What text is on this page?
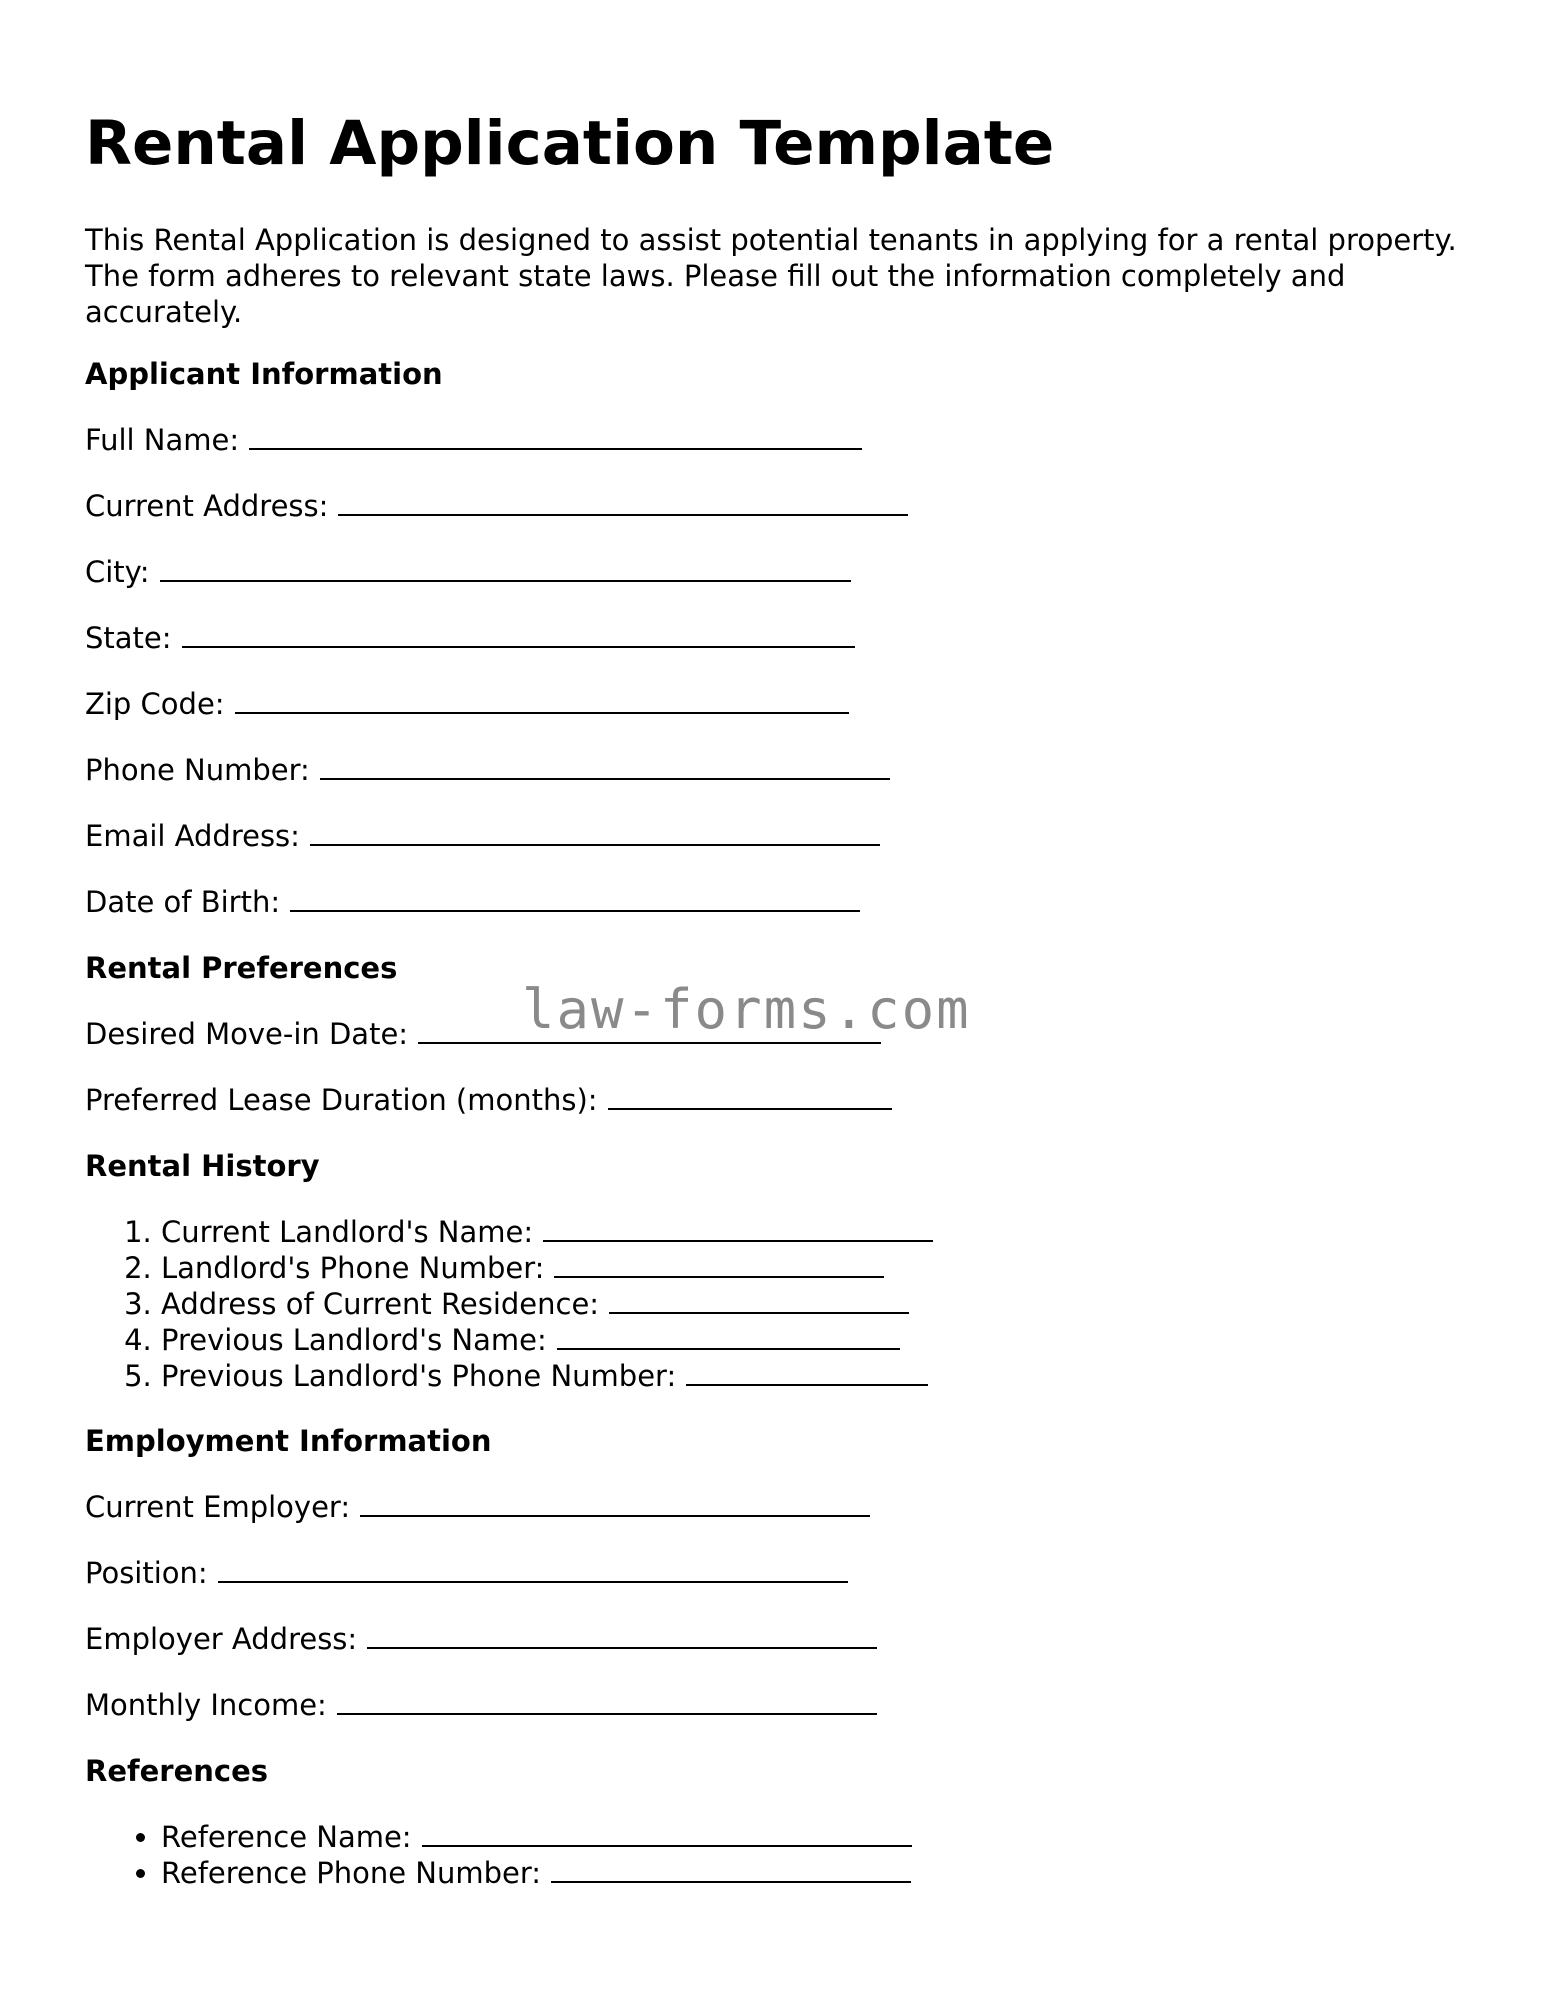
Rental Application Template

This Rental Application is designed to assist potential tenants in applying for a rental property. The form adheres to relevant state laws. Please fill out the information completely and accurately.

Applicant Information
Full Name:
Current Address:
City:
State:
Zip Code:
Phone Number:
Email Address:
Date of Birth:
Rental Preferences
Desired Move-in Date:
Preferred Lease Duration (months):
Rental History
1. Current Landlord's Name:
2. Landlord's Phone Number:
3. Address of Current Residence:
4. Previous Landlord's Name:
5. Previous Landlord's Phone Number:
Employment Information
Current Employer:
Position:
Employer Address:
Monthly Income:
References
• Reference Name:
• Reference Phone Number:
law-forms.com
